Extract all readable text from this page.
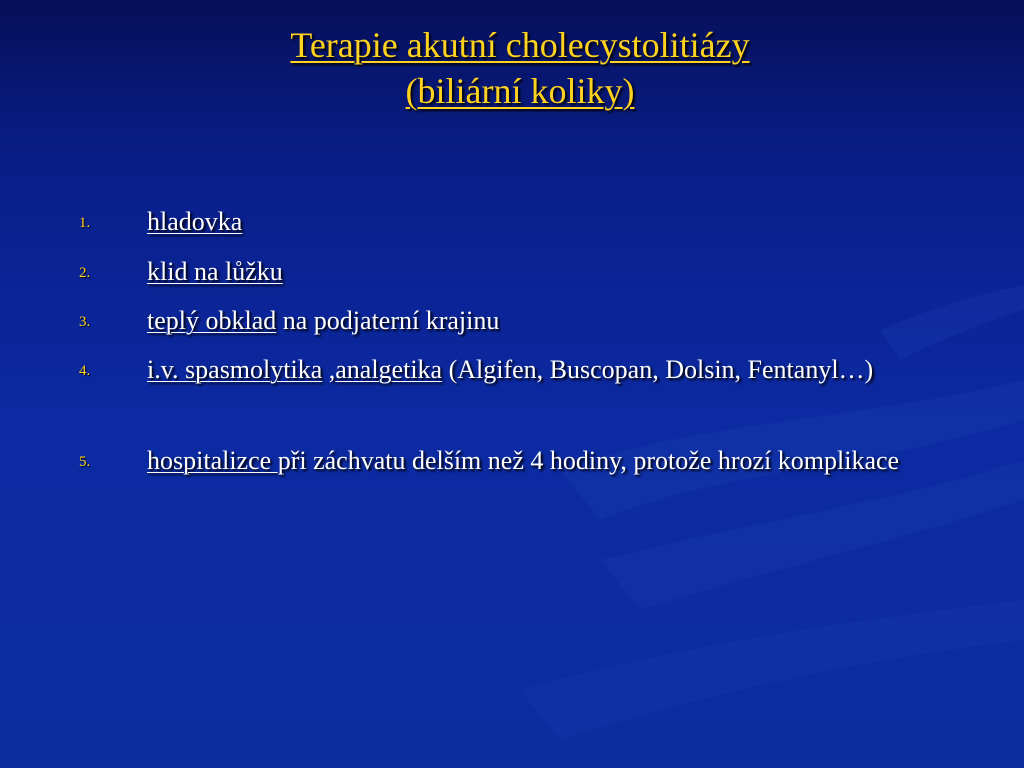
Terapie akutní cholecystolitiázy
(biliární koliky)
1. hladovka
2. klid na lůžku
3. teplý obklad na podjaterní krajinu
4. i.v. spasmolytika ,analgetika (Algifen, Buscopan, Dolsin, Fentanyl…)
5. hospitalizce při záchvatu delším než 4 hodiny, protože hrozí komplikace
